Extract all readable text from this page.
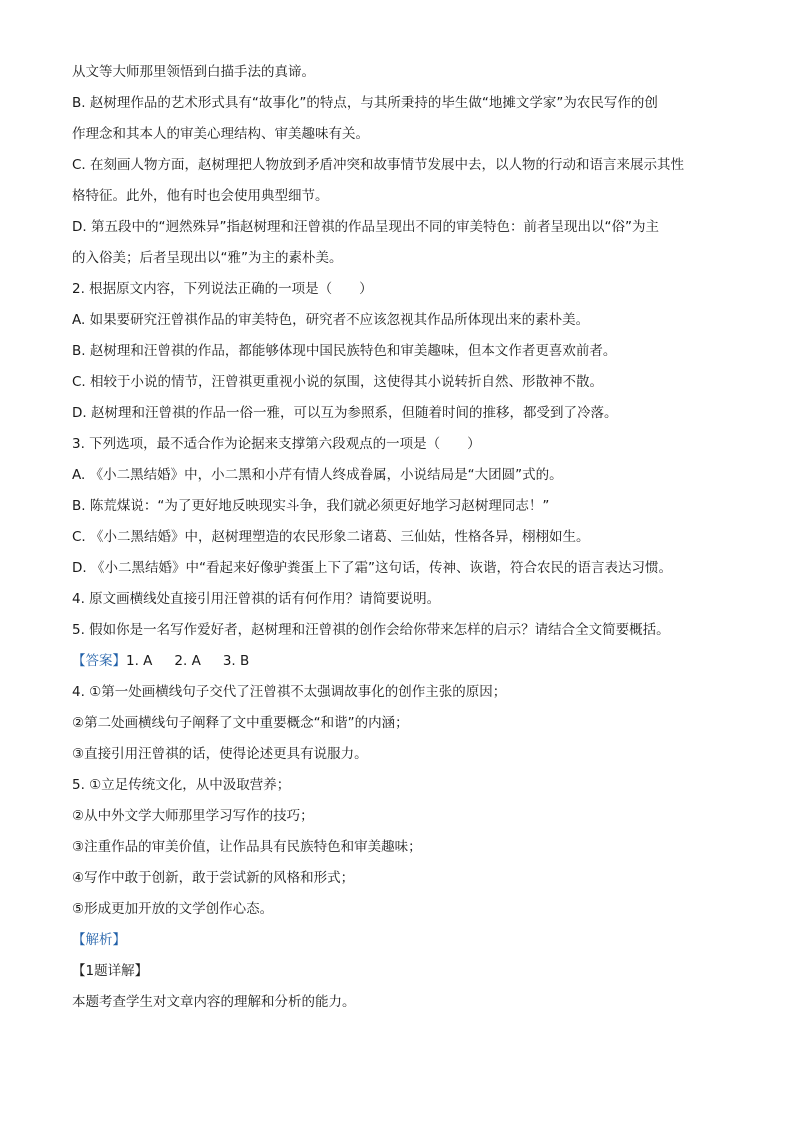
从文等大师那里领悟到白描手法的真谛。
B. 赵树理作品的艺术形式具有“故事化”的特点，与其所秉持的毕生做“地摊文学家”为农民写作的创
作理念和其本人的审美心理结构、审美趣味有关。
C. 在刻画人物方面，赵树理把人物放到矛盾冲突和故事情节发展中去，以人物的行动和语言来展示其性
格特征。此外，他有时也会使用典型细节。
D. 第五段中的“迥然殊异”指赵树理和汪曾祺的作品呈现出不同的审美特色：前者呈现出以“俗”为主
的入俗美；后者呈现出以“雅”为主的素朴美。
2. 根据原文内容，下列说法正确的一项是（　　）
A. 如果要研究汪曾祺作品的审美特色，研究者不应该忽视其作品所体现出来的素朴美。
B. 赵树理和汪曾祺的作品，都能够体现中国民族特色和审美趣味，但本文作者更喜欢前者。
C. 相较于小说的情节，汪曾祺更重视小说的氛围，这使得其小说转折自然、形散神不散。
D. 赵树理和汪曾祺的作品一俗一雅，可以互为参照系，但随着时间的推移，都受到了冷落。
3. 下列选项，最不适合作为论据来支撑第六段观点的一项是（　　）
A. 《小二黑结婚》中，小二黑和小芹有情人终成眷属，小说结局是“大团圆”式的。
B. 陈荒煤说：“为了更好地反映现实斗争，我们就必须更好地学习赵树理同志！”
C. 《小二黑结婚》中，赵树理塑造的农民形象二诸葛、三仙姑，性格各异，栩栩如生。
D. 《小二黑结婚》中“看起来好像驴粪蛋上下了霜”这句话，传神、诙谐，符合农民的语言表达习惯。
4. 原文画横线处直接引用汪曾祺的话有何作用？请简要说明。
5. 假如你是一名写作爱好者，赵树理和汪曾祺的创作会给你带来怎样的启示？请结合全文简要概括。
【答案】1. A 2. A 3. B
4. ①第一处画横线句子交代了汪曾祺不太强调故事化的创作主张的原因；
②第二处画横线句子阐释了文中重要概念“和谐”的内涵；
③直接引用汪曾祺的话，使得论述更具有说服力。
5. ①立足传统文化，从中汲取营养；
②从中外文学大师那里学习写作的技巧；
③注重作品的审美价值，让作品具有民族特色和审美趣味；
④写作中敢于创新，敢于尝试新的风格和形式；
⑤形成更加开放的文学创作心态。
【解析】
【1题详解】
本题考查学生对文章内容的理解和分析的能力。
